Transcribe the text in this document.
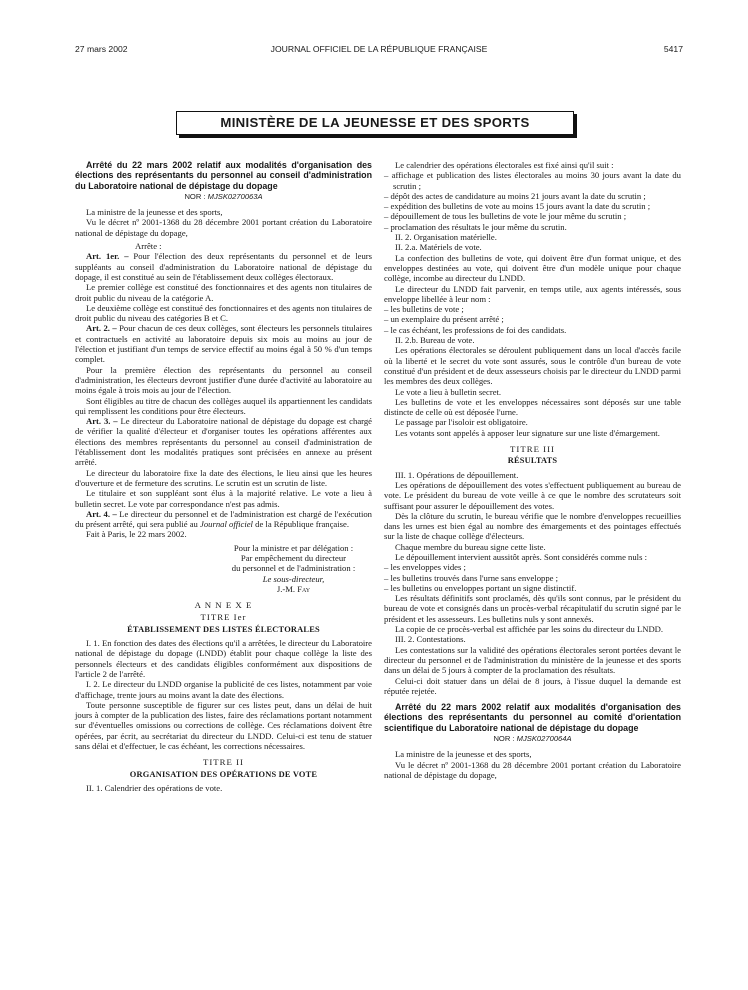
27 mars 2002	JOURNAL OFFICIEL DE LA RÉPUBLIQUE FRANÇAISE	5417
MINISTÈRE DE LA JEUNESSE ET DES SPORTS

Arrêté du 22 mars 2002 relatif aux modalités d'organisation des élections des représentants du personnel au conseil d'administration du Laboratoire national de dépistage du dopage

NOR : MJSK0270063A

La ministre de la jeunesse et des sports,

Vu le décret nº 2001-1368 du 28 décembre 2001 portant création du Laboratoire national de dépistage du dopage,

Arrête :

Art. 1er. – Pour l'élection des deux représentants du personnel et de leurs suppléants au conseil d'administration du Laboratoire national de dépistage du dopage, il est constitué au sein de l'établissement deux collèges électoraux.

Le premier collège est constitué des fonctionnaires et des agents non titulaires de droit public du niveau de la catégorie A.

Le deuxième collège est constitué des fonctionnaires et des agents non titulaires de droit public du niveau des catégories B et C.

Art. 2. – Pour chacun de ces deux collèges, sont électeurs les personnels titulaires et contractuels en activité au laboratoire depuis six mois au moins au jour de l'élection et justifiant d'un temps de service effectif au moins égal à 50 % d'un temps complet.

Pour la première élection des représentants du personnel au conseil d'administration, les électeurs devront justifier d'une durée d'activité au laboratoire au moins égale à trois mois au jour de l'élection.

Sont éligibles au titre de chacun des collèges auquel ils appartiennent les candidats qui remplissent les conditions pour être électeurs.

Art. 3. – Le directeur du Laboratoire national de dépistage du dopage est chargé de vérifier la qualité d'électeur et d'organiser toutes les opérations afférentes aux élections des membres représentants du personnel au conseil d'administration de l'établissement dont les modalités pratiques sont précisées en annexe au présent arrêté.

Le directeur du laboratoire fixe la date des élections, le lieu ainsi que les heures d'ouverture et de fermeture des scrutins. Le scrutin est un scrutin de liste.

Le titulaire et son suppléant sont élus à la majorité relative. Le vote a lieu à bulletin secret. Le vote par correspondance n'est pas admis.

Art. 4. – Le directeur du personnel et de l'administration est chargé de l'exécution du présent arrêté, qui sera publié au Journal officiel de la République française.

Fait à Paris, le 22 mars 2002.

Pour la ministre et par délégation :
Par empêchement du directeur
du personnel et de l'administration :
Le sous-directeur,
J.-M. Fay
A N N E X E
TITRE Ier
ÉTABLISSEMENT DES LISTES ÉLECTORALES

I. 1. En fonction des dates des élections qu'il a arrêtées, le directeur du Laboratoire national de dépistage du dopage (LNDD) établit pour chaque collège la liste des personnels électeurs et des candidats éligibles conformément aux dispositions de l'article 2 de l'arrêté.

I. 2. Le directeur du LNDD organise la publicité de ces listes, notamment par voie d'affichage, trente jours au moins avant la date des élections.

Toute personne susceptible de figurer sur ces listes peut, dans un délai de huit jours à compter de la publication des listes, faire des réclamations portant notamment sur d'éventuelles omissions ou corrections de collège. Ces réclamations doivent être opérées, par écrit, au secrétariat du directeur du LNDD. Celui-ci est tenu de statuer sans délai et d'effectuer, le cas échéant, les corrections nécessaires.

TITRE II
ORGANISATION DES OPÉRATIONS DE VOTE

II. 1. Calendrier des opérations de vote.

Le calendrier des opérations électorales est fixé ainsi qu'il suit :

– affichage et publication des listes électorales au moins 30 jours avant la date du scrutin ;

– dépôt des actes de candidature au moins 21 jours avant la date du scrutin ;

– expédition des bulletins de vote au moins 15 jours avant la date du scrutin ;

– dépouillement de tous les bulletins de vote le jour même du scrutin ;

– proclamation des résultats le jour même du scrutin.

II. 2. Organisation matérielle.

II. 2.a. Matériels de vote.

La confection des bulletins de vote, qui doivent être d'un format unique, et des enveloppes destinées au vote, qui doivent être d'un modèle unique pour chaque collège, incombe au directeur du LNDD.

Le directeur du LNDD fait parvenir, en temps utile, aux agents intéressés, sous enveloppe libellée à leur nom :

– les bulletins de vote ;

– un exemplaire du présent arrêté ;

– le cas échéant, les professions de foi des candidats.

II. 2.b. Bureau de vote.

Les opérations électorales se déroulent publiquement dans un local d'accès facile où la liberté et le secret du vote sont assurés, sous le contrôle d'un bureau de vote constitué d'un président et de deux assesseurs choisis par le directeur du LNDD parmi les membres des deux collèges.

Le vote a lieu à bulletin secret.

Les bulletins de vote et les enveloppes nécessaires sont déposés sur une table distincte de celle où est déposée l'urne.

Le passage par l'isoloir est obligatoire.

Les votants sont appelés à apposer leur signature sur une liste d'émargement.

TITRE III
RÉSULTATS

III. 1. Opérations de dépouillement.

Les opérations de dépouillement des votes s'effectuent publiquement au bureau de vote. Le président du bureau de vote veille à ce que le nombre des scrutateurs soit suffisant pour assurer le dépouillement des votes.

Dès la clôture du scrutin, le bureau vérifie que le nombre d'enveloppes recueillies dans les urnes est bien égal au nombre des émargements et des pointages effectués sur la liste de chaque collège d'électeurs.

Chaque membre du bureau signe cette liste.

Le dépouillement intervient aussitôt après. Sont considérés comme nuls :

– les enveloppes vides ;

– les bulletins trouvés dans l'urne sans enveloppe ;

– les bulletins ou enveloppes portant un signe distinctif.

Les résultats définitifs sont proclamés, dès qu'ils sont connus, par le président du bureau de vote et consignés dans un procès-verbal récapitulatif du scrutin signé par le président et les assesseurs. Les bulletins nuls y sont annexés.

La copie de ce procès-verbal est affichée par les soins du directeur du LNDD.

III. 2. Contestations.

Les contestations sur la validité des opérations électorales seront portées devant le directeur du personnel et de l'administration du ministère de la jeunesse et des sports dans un délai de 5 jours à compter de la proclamation des résultats.

Celui-ci doit statuer dans un délai de 8 jours, à l'issue duquel la demande est réputée rejetée.

Arrêté du 22 mars 2002 relatif aux modalités d'organisation des élections des représentants du personnel au comité d'orientation scientifique du Laboratoire national de dépistage du dopage

NOR : MJSK0270064A

La ministre de la jeunesse et des sports,

Vu le décret nº 2001-1368 du 28 décembre 2001 portant création du Laboratoire national de dépistage du dopage,
